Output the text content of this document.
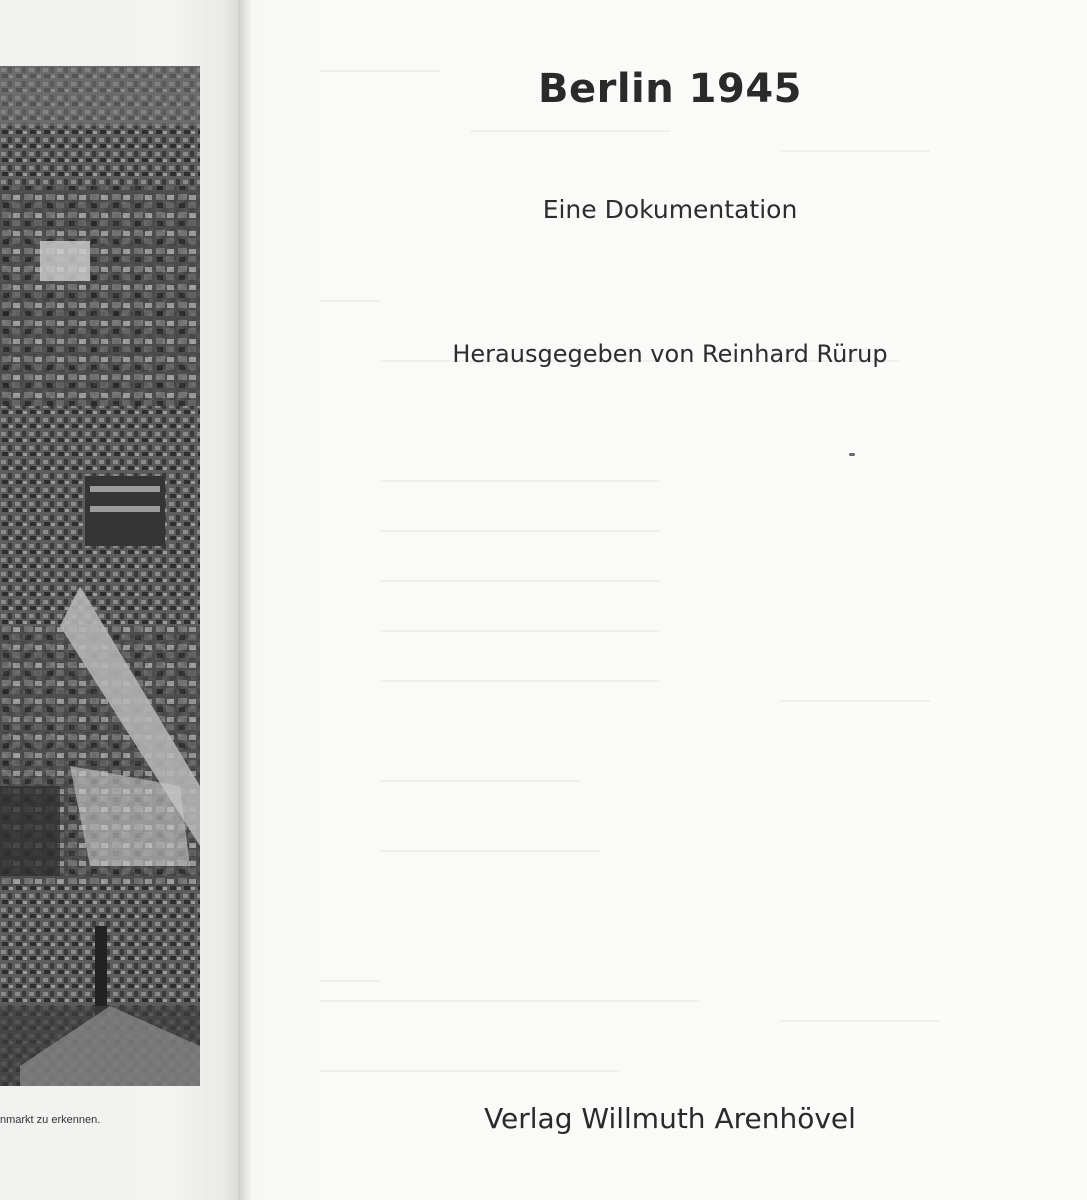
nmarkt zu erkennen.
Berlin 1945
Eine Dokumentation
Herausgegeben von Reinhard Rürup
Verlag Willmuth Arenhövel
